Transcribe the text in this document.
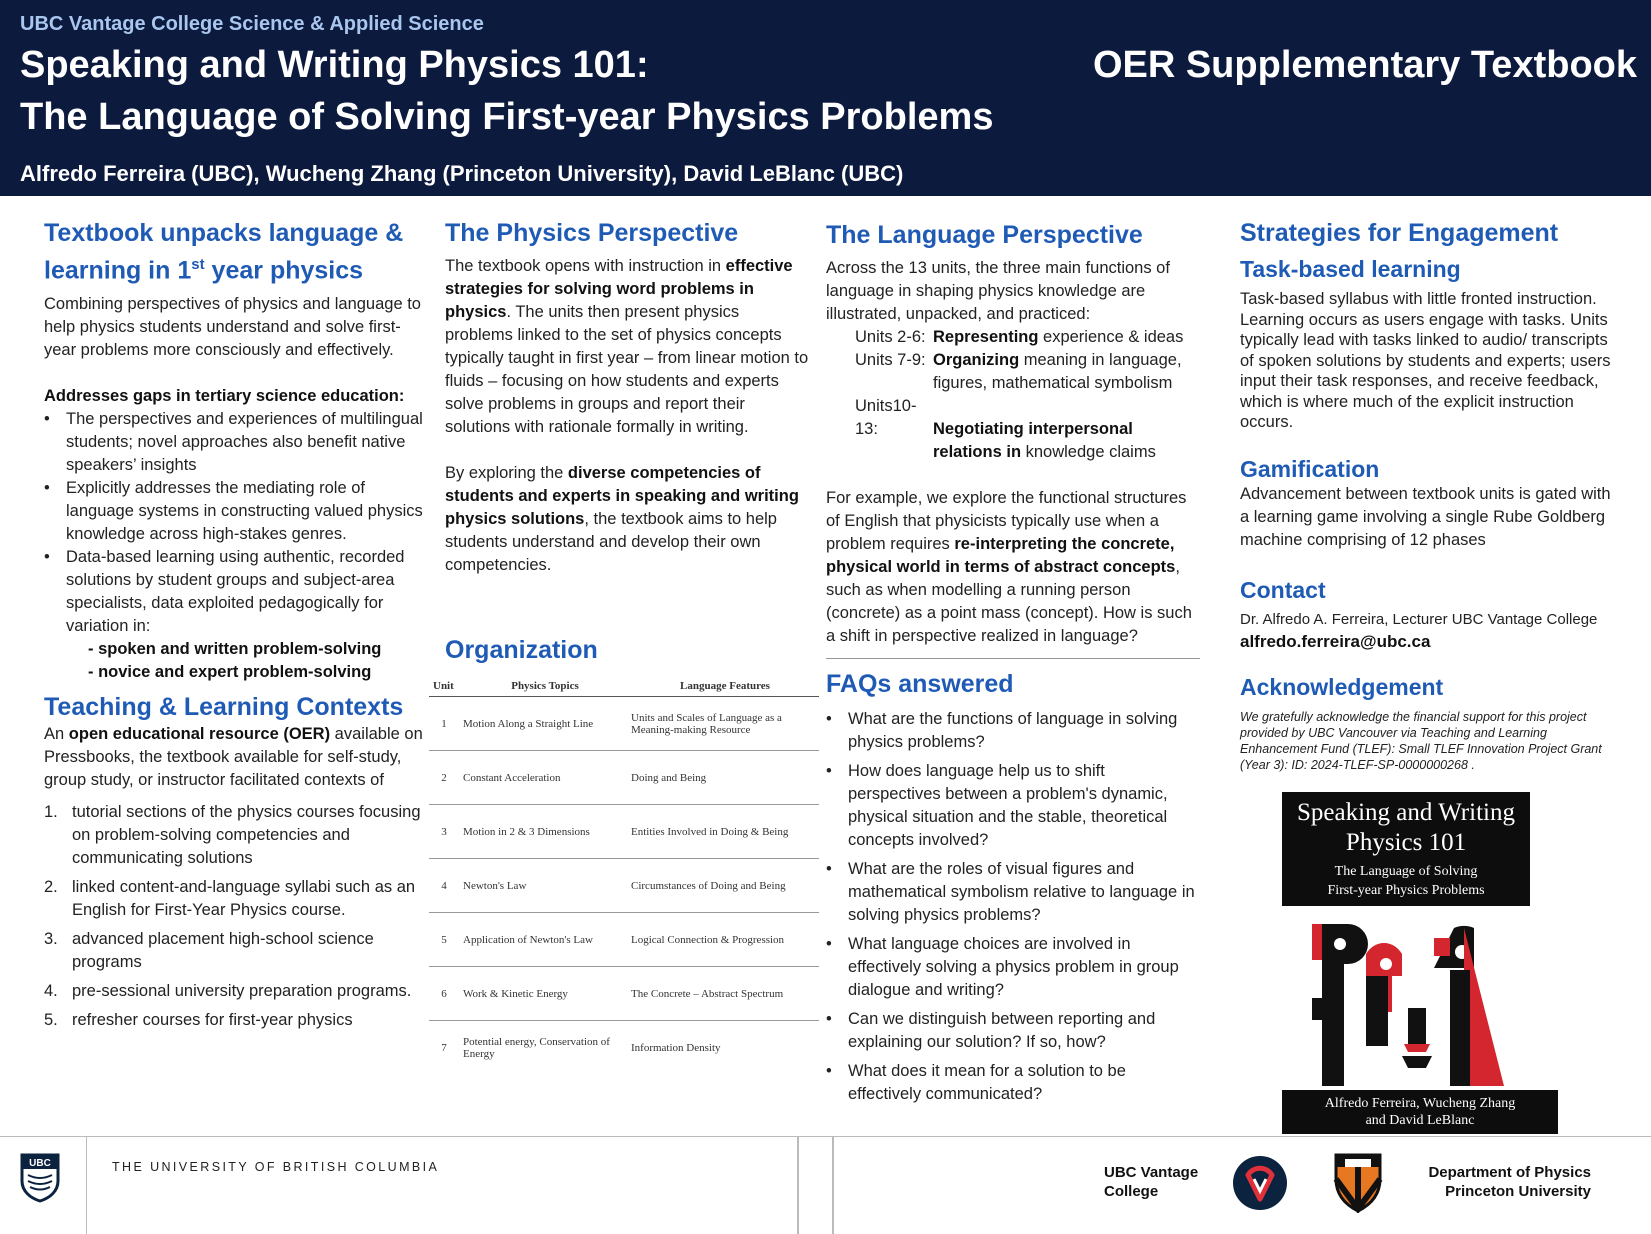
UBC Vantage College Science & Applied Science
Speaking and Writing Physics 101:
The Language of Solving First-year Physics Problems
OER Supplementary Textbook
Alfredo Ferreira (UBC), Wucheng Zhang (Princeton University), David LeBlanc (UBC)
Textbook unpacks language &
learning in 1st year physics

Combining perspectives of physics and language to help physics students understand and solve first-year problems more consciously and effectively.

Addresses gaps in tertiary science education:

• The perspectives and experiences of multilingual students; novel approaches also benefit native speakers’ insights
• Explicitly addresses the mediating role of language systems in constructing valued physics knowledge across high-stakes genres.
• Data-based learning using authentic, recorded solutions by student groups and subject-area specialists, data exploited pedagogically for variation in:
- spoken and written problem-solving
- novice and expert problem-solving
Teaching & Learning Contexts

An open educational resource (OER) available on Pressbooks, the textbook available for self-study, group study, or instructor facilitated contexts of

1. tutorial sections of the physics courses focusing on problem-solving competencies and communicating solutions
2. linked content-and-language syllabi such as an English for First-Year Physics course.
3. advanced placement high-school science programs
4. pre-sessional university preparation programs.
5. refresher courses for first-year physics
The Physics Perspective

The textbook opens with instruction in effective strategies for solving word problems in physics. The units then present physics problems linked to the set of physics concepts typically taught in first year – from linear motion to fluids – focusing on how students and experts solve problems in groups and report their solutions with rationale formally in writing.

By exploring the diverse competencies of students and experts in speaking and writing physics solutions, the textbook aims to help students understand and develop their own competencies.

Organization
Unit	Physics Topics	Language Features
1	Motion Along a Straight Line	Units and Scales of Language as a Meaning-making Resource
2	Constant Acceleration	Doing and Being
3	Motion in 2 & 3 Dimensions	Entities Involved in Doing & Being
4	Newton's Law	Circumstances of Doing and Being
5	Application of Newton's Law	Logical Connection & Progression
6	Work & Kinetic Energy	The Concrete – Abstract Spectrum
7	Potential energy, Conservation of Energy	Information Density
The Language Perspective

Across the 13 units, the three main functions of language in shaping physics knowledge are illustrated, unpacked, and practiced:

Units 2-6: Representing experience & ideas
Units 7-9: Organizing meaning in language,
figures, mathematical symbolism
Units10-13:	Negotiating interpersonal
relations in knowledge claims

For example, we explore the functional structures of English that physicists typically use when a problem requires re-interpreting the concrete, physical world in terms of abstract concepts, such as when modelling a running person (concrete) as a point mass (concept). How is such a shift in perspective realized in language?

FAQs answered
• What are the functions of language in solving physics problems?
• How does language help us to shift perspectives between a problem's dynamic, physical situation and the stable, theoretical concepts involved?
• What are the roles of visual figures and mathematical symbolism relative to language in solving physics problems?
• What language choices are involved in effectively solving a physics problem in group dialogue and writing?
• Can we distinguish between reporting and explaining our solution? If so, how?
• What does it mean for a solution to be effectively communicated?
Strategies for Engagement
Task-based learning

Task-based syllabus with little fronted instruction. Learning occurs as users engage with tasks. Units typically lead with tasks linked to audio/ transcripts of spoken solutions by students and experts; users input their task responses, and receive feedback, which is where much of the explicit instruction occurs.

Gamification

Advancement between textbook units is gated with a learning game involving a single Rube Goldberg machine comprising of 12 phases

Contact

Dr. Alfredo A. Ferreira, Lecturer UBC Vantage College

alfredo.ferreira@ubc.ca

Acknowledgement

We gratefully acknowledge the financial support for this project provided by UBC Vancouver via Teaching and Learning Enhancement Fund (TLEF): Small TLEF Innovation Project Grant (Year 3): ID: 2024-TLEF-SP-0000000268 .

Speaking and Writing
Physics 101
The Language of Solving
First-year Physics Problems
Alfredo Ferreira, Wucheng Zhang
and David LeBlanc
UBC	THE UNIVERSITY OF BRITISH COLUMBIA	UBC Vantage
College
Department of Physics
Princeton University
